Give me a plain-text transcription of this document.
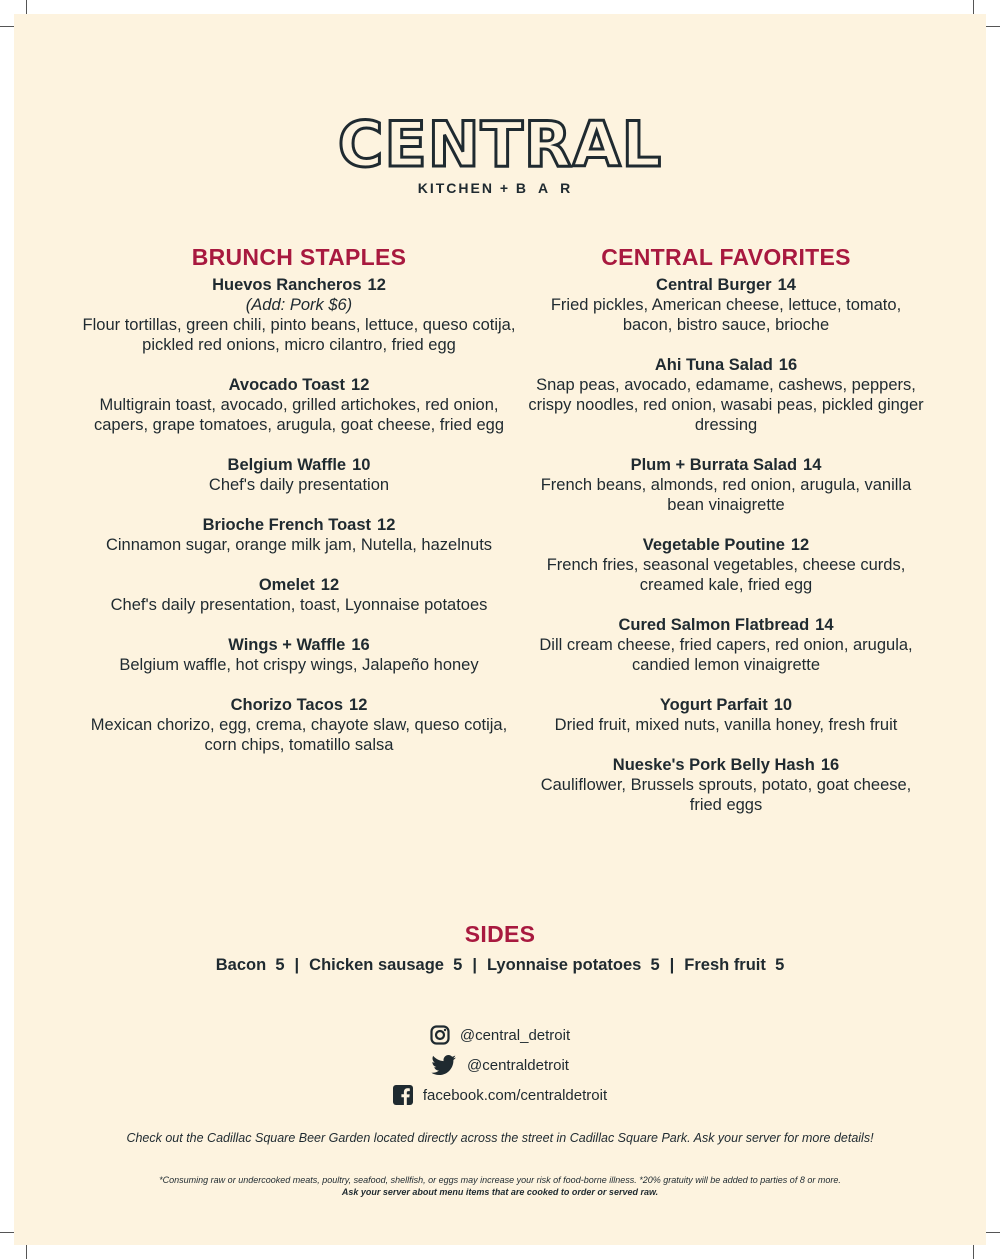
CENTRAL
KITCHEN + BAR
BRUNCH STAPLES
Huevos Rancheros 12
(Add: Pork $6)
Flour tortillas, green chili, pinto beans, lettuce, queso cotija, pickled red onions, micro cilantro, fried egg
Avocado Toast 12
Multigrain toast, avocado, grilled artichokes, red onion, capers, grape tomatoes, arugula, goat cheese, fried egg
Belgium Waffle 10
Chef's daily presentation
Brioche French Toast 12
Cinnamon sugar, orange milk jam, Nutella, hazelnuts
Omelet 12
Chef's daily presentation, toast, Lyonnaise potatoes
Wings + Waffle 16
Belgium waffle, hot crispy wings, Jalapeño honey
Chorizo Tacos 12
Mexican chorizo, egg, crema, chayote slaw, queso cotija, corn chips, tomatillo salsa
CENTRAL FAVORITES
Central Burger 14
Fried pickles, American cheese, lettuce, tomato, bacon, bistro sauce, brioche
Ahi Tuna Salad 16
Snap peas, avocado, edamame, cashews, peppers, crispy noodles, red onion, wasabi peas, pickled ginger dressing
Plum + Burrata Salad 14
French beans, almonds, red onion, arugula, vanilla bean vinaigrette
Vegetable Poutine 12
French fries, seasonal vegetables, cheese curds, creamed kale, fried egg
Cured Salmon Flatbread 14
Dill cream cheese, fried capers, red onion, arugula, candied lemon vinaigrette
Yogurt Parfait 10
Dried fruit, mixed nuts, vanilla honey, fresh fruit
Nueske's Pork Belly Hash 16
Cauliflower, Brussels sprouts, potato, goat cheese, fried eggs
SIDES
Bacon 5 | Chicken sausage 5 | Lyonnaise potatoes 5 | Fresh fruit 5
@central_detroit
@centraldetroit
facebook.com/centraldetroit
Check out the Cadillac Square Beer Garden located directly across the street in Cadillac Square Park. Ask your server for more details!
*Consuming raw or undercooked meats, poultry, seafood, shellfish, or eggs may increase your risk of food-borne illness. *20% gratuity will be added to parties of 8 or more.
Ask your server about menu items that are cooked to order or served raw.
